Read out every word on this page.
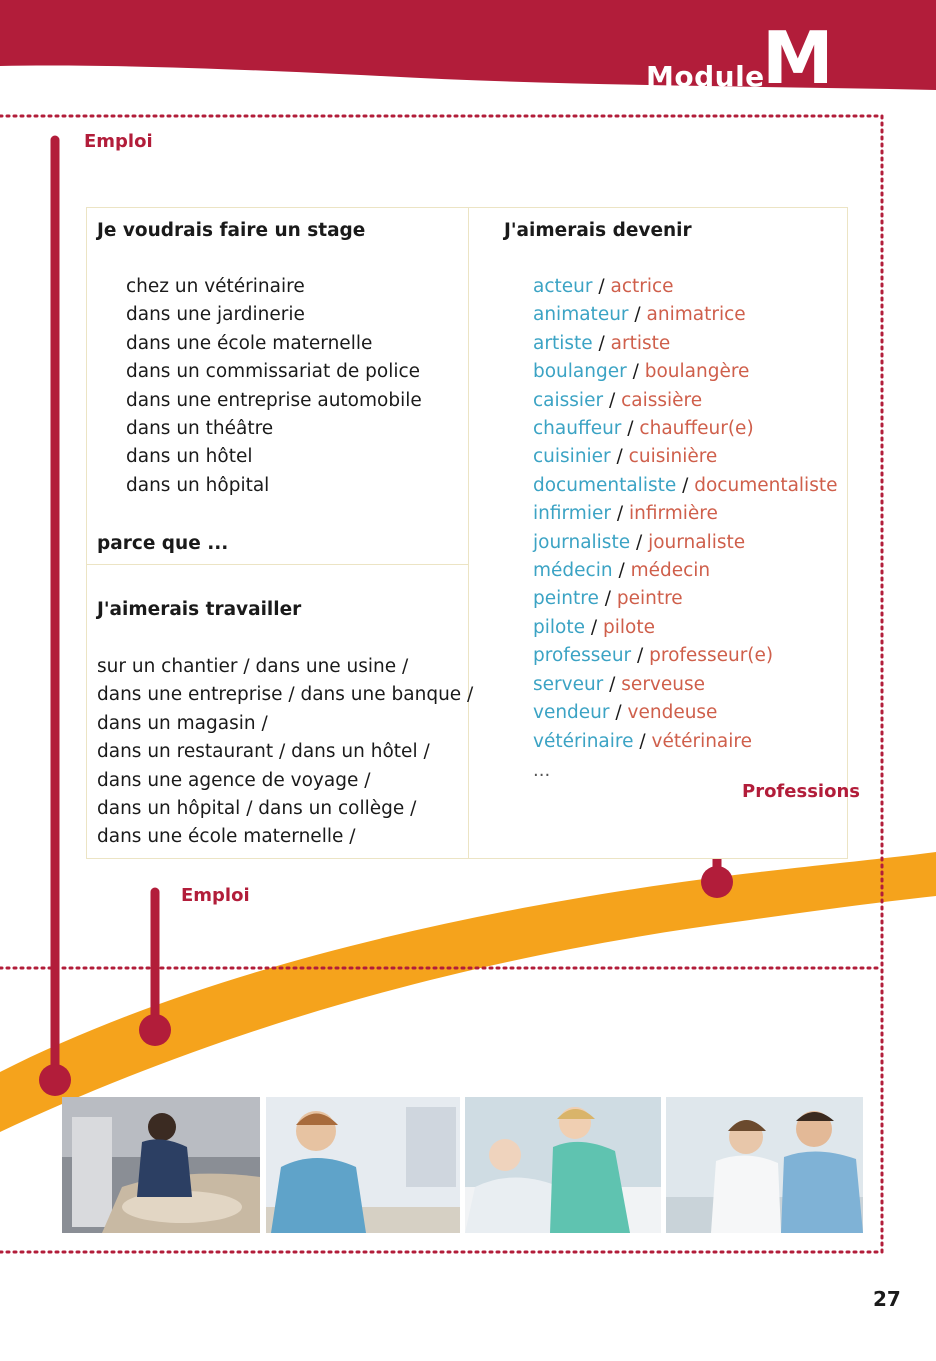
Module
M
Emploi
Je voudrais faire un stage
chez un vétérinaire
dans une jardinerie
dans une école maternelle
dans un commissariat de police
dans une entreprise automobile
dans un théâtre
dans un hôtel
dans un hôpital
parce que ...
J'aimerais travailler
sur un chantier / dans une usine /
dans une entreprise / dans une banque /
dans un magasin /
dans un restaurant / dans un hôtel /
dans une agence de voyage /
dans un hôpital / dans un collège /
dans une école maternelle /
J'aimerais devenir
acteur / actrice
animateur / animatrice
artiste / artiste
boulanger / boulangère
caissier / caissière
chauffeur / chauffeur(e)
cuisinier / cuisinière
documentaliste / documentaliste
infirmier / infirmière
journaliste / journaliste
médecin / médecin
peintre / peintre
pilote / pilote
professeur / professeur(e)
serveur / serveuse
vendeur / vendeuse
vétérinaire / vétérinaire
...
Professions
Emploi
27
